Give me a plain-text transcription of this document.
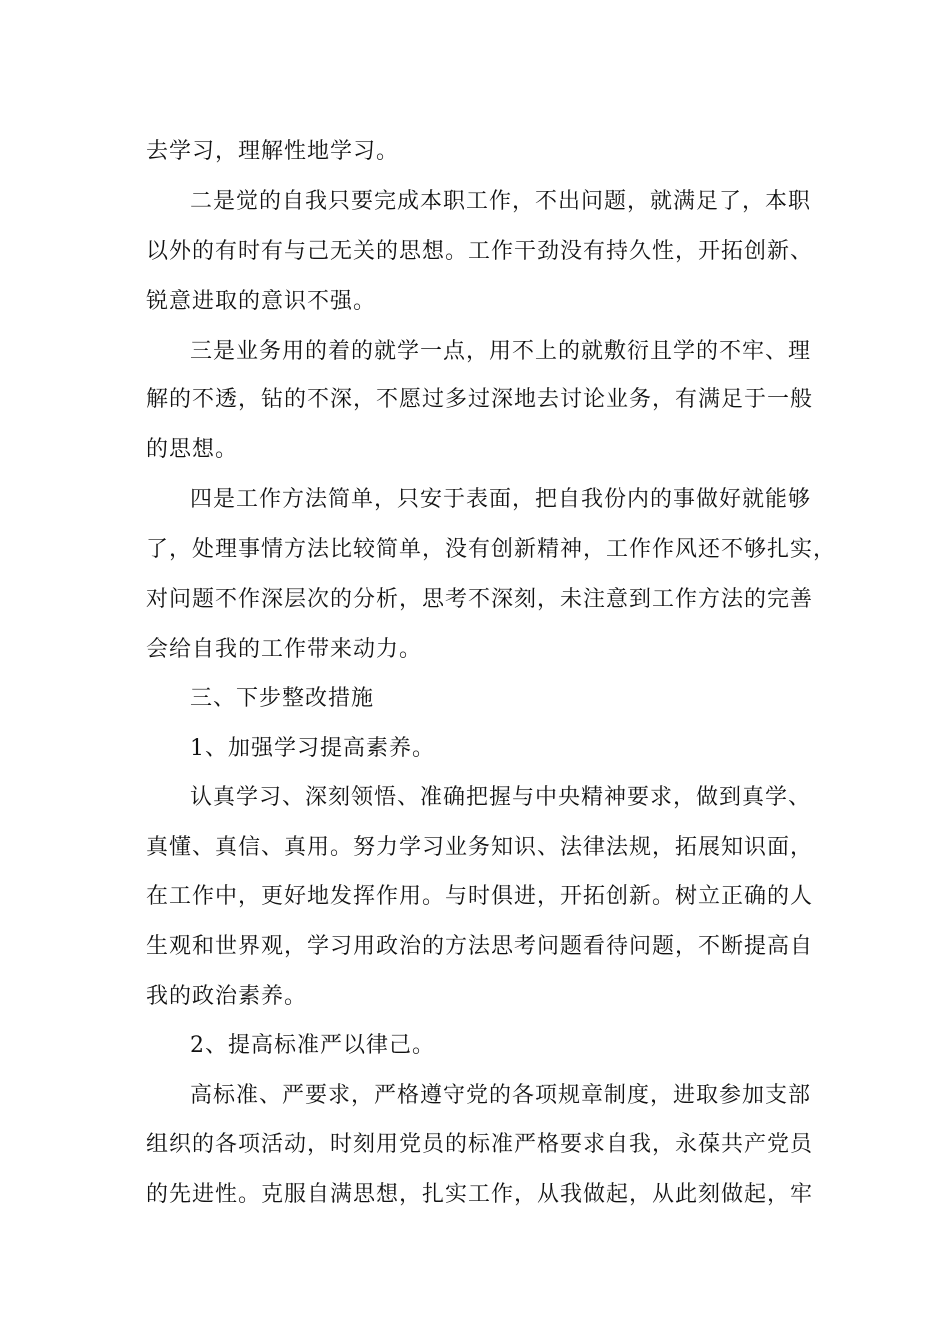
去学习，理解性地学习。
二是觉的自我只要完成本职工作，不出问题，就满足了，本职
以外的有时有与己无关的思想。工作干劲没有持久性，开拓创新、
锐意进取的意识不强。
三是业务用的着的就学一点，用不上的就敷衍且学的不牢、理
解的不透，钻的不深，不愿过多过深地去讨论业务，有满足于一般
的思想。
四是工作方法简单，只安于表面，把自我份内的事做好就能够
了，处理事情方法比较简单，没有创新精神，工作作风还不够扎实，
对问题不作深层次的分析，思考不深刻，未注意到工作方法的完善
会给自我的工作带来动力。
三、下步整改措施
1、加强学习提高素养。
认真学习、深刻领悟、准确把握与中央精神要求，做到真学、
真懂、真信、真用。努力学习业务知识、法律法规，拓展知识面，
在工作中，更好地发挥作用。与时俱进，开拓创新。树立正确的人
生观和世界观，学习用政治的方法思考问题看待问题，不断提高自
我的政治素养。
2、提高标准严以律己。
高标准、严要求，严格遵守党的各项规章制度，进取参加支部
组织的各项活动，时刻用党员的标准严格要求自我，永葆共产党员
的先进性。克服自满思想，扎实工作，从我做起，从此刻做起，牢
